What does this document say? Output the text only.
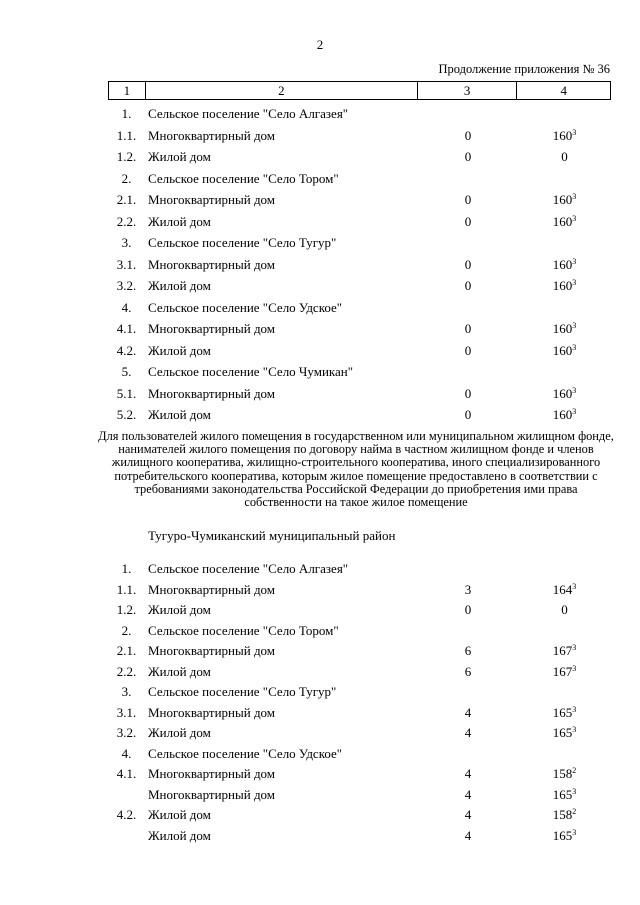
2
Продолжение приложения № 36
1	2	3	4
1.	Сельское поселение "Село Алгазея"
1.1. Многоквартирный дом	0	$160^3$
1.2. Жилой дом	0	0
2.	Сельское поселение "Село Тором"
2.1. Многоквартирный дом	0	$160^3$
2.2. Жилой дом	0	$160^3$
3.	Сельское поселение "Село Тугур"
3.1. Многоквартирный дом	0	$160^3$
3.2. Жилой дом	0	$160^3$
4.	Сельское поселение "Село Удское"
4.1. Многоквартирный дом	0	$160^3$
4.2. Жилой дом	0	$160^3$
5.	Сельское поселение "Село Чумикан"
5.1. Многоквартирный дом	0	$160^3$
5.2. Жилой дом	0	$160^3$
Для пользователей жилого помещения в государственном или муниципальном жилищном фонде, нанимателей жилого помещения по договору найма в частном жилищном фонде и членов жилищного кооператива, жилищно-строительного кооператива, иного специализированного потребительского кооператива, которым жилое помещение предоставлено в соответствии с требованиями законодательства Российской Федерации до приобретения ими права собственности на такое жилое помещение
Тугуро-Чумиканский муниципальный район
1.	Сельское поселение "Село Алгазея"
1.1. Многоквартирный дом	3	$164^3$
1.2. Жилой дом	0	0
2.	Сельское поселение "Село Тором"
2.1. Многоквартирный дом	6	$167^3$
2.2. Жилой дом	6	$167^3$
3.	Сельское поселение "Село Тугур"
3.1. Многоквартирный дом	4	$165^3$
3.2. Жилой дом	4	$165^3$
4.	Сельское поселение "Село Удское"
4.1. Многоквартирный дом	4	$158^2$
Многоквартирный дом	4	$165^3$
4.2. Жилой дом	4	$158^2$
Жилой дом	4	$165^3$
